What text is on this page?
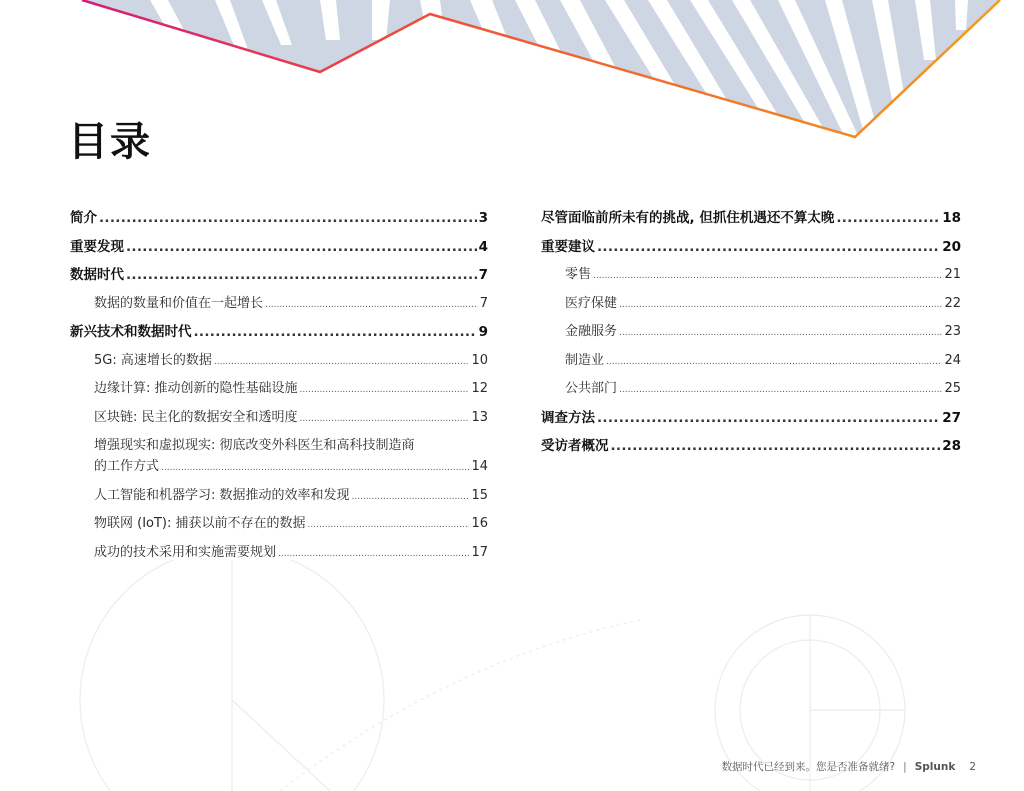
目录
简介 .....	3
重要发现 .....	4
数据时代 .....	7
数据的数量和价值在一起增长 .....	7
新兴技术和数据时代 .....	9
5G: 高速增长的数据 .....	10
边缘计算: 推动创新的隐性基础设施 .....	12
区块链: 民主化的数据安全和透明度 .....	13
增强现实和虚拟现实: 彻底改变外科医生和高科技制造商
的工作方式 .....	14
人工智能和机器学习: 数据推动的效率和发现 .....	15
物联网 (IoT): 捕获以前不存在的数据 .....	16
成功的技术采用和实施需要规划 .....	17
尽管面临前所未有的挑战, 但抓住机遇还不算太晚 .....	18
重要建议 .....	20
零售 .....	21
医疗保健 .....	22
金融服务 .....	23
制造业 .....	24
公共部门 .....	25
调查方法 .....	27
受访者概况 .....	28
数据时代已经到来。您是否准备就绪? | Splunk 2
